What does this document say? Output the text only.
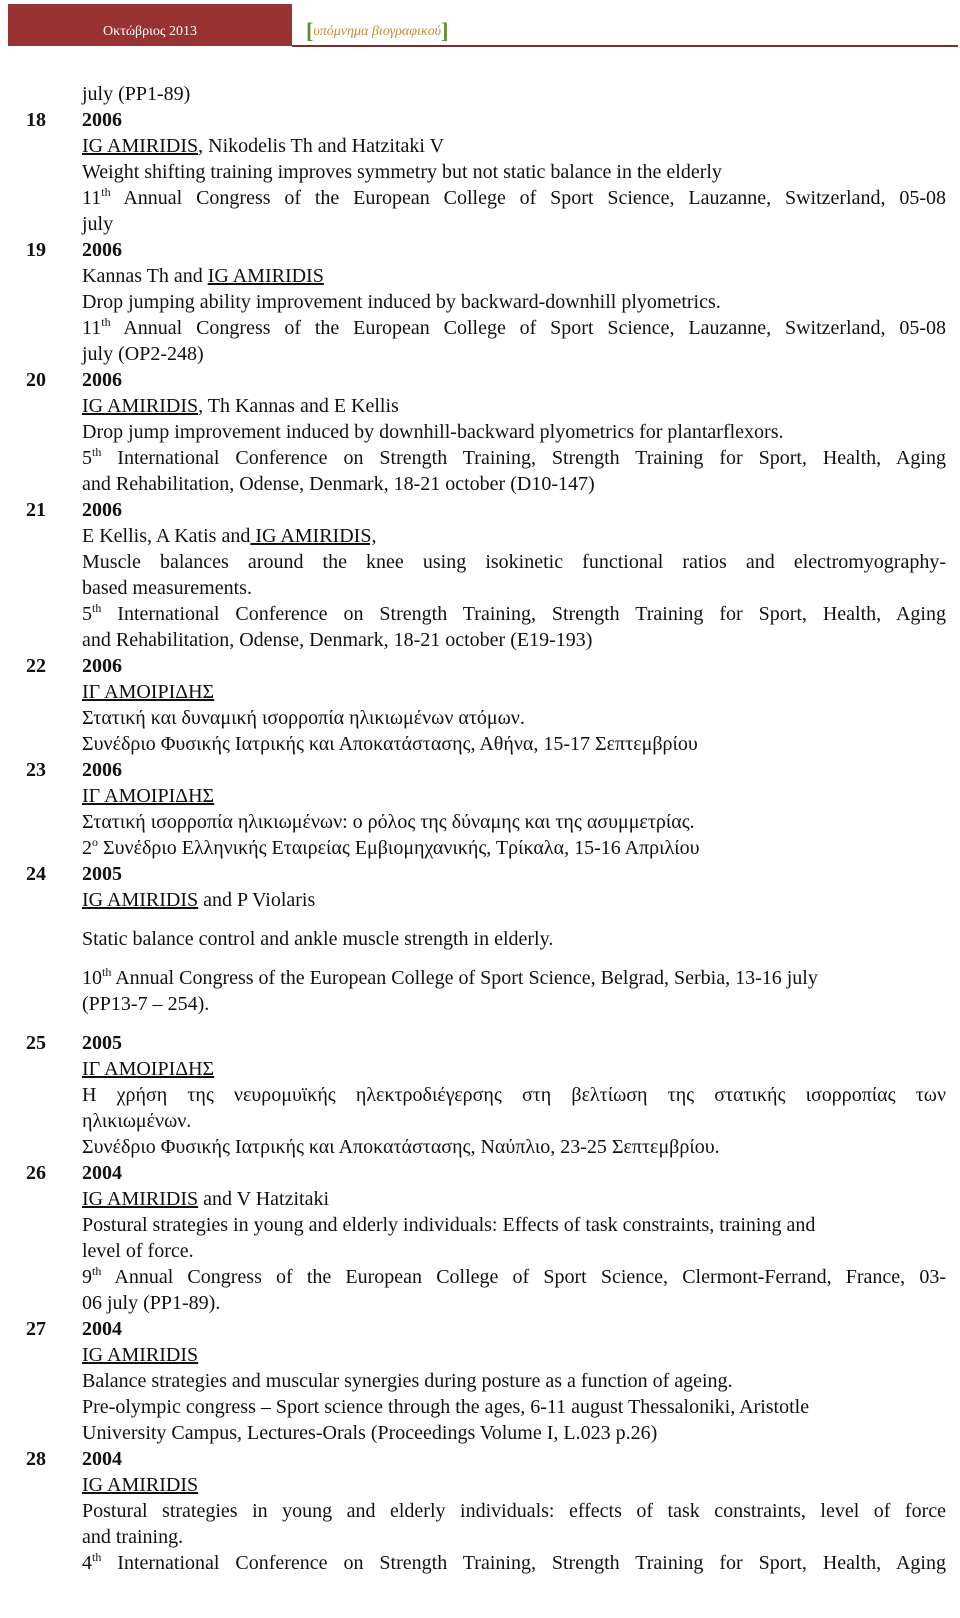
Οκτώβριος 2013	[υπόμνημα βιογραφικού]
july (PP1-89)
18	2006
IG AMIRIDIS, Nikodelis Th and Hatzitaki V
Weight shifting training improves symmetry but not static balance in the elderly
11th Annual Congress of the European College of Sport Science, Lauzanne, Switzerland, 05-08
july
19	2006
Kannas Th and IG AMIRIDIS
Drop jumping ability improvement induced by backward-downhill plyometrics.
11th Annual Congress of the European College of Sport Science, Lauzanne, Switzerland, 05-08
july (OP2-248)
20	2006
IG AMIRIDIS, Th Kannas and E Kellis
Drop jump improvement induced by downhill-backward plyometrics for plantarflexors.
5th International Conference on Strength Training, Strength Training for Sport, Health, Aging
and Rehabilitation, Odense, Denmark, 18-21 october (D10-147)
21	2006
E Kellis, A Katis and IG AMIRIDIS,
Muscle balances around the knee using isokinetic functional ratios and electromyography-
based measurements.
5th International Conference on Strength Training, Strength Training for Sport, Health, Aging
and Rehabilitation, Odense, Denmark, 18-21 october (E19-193)
22	2006
ΙΓ ΑΜΟΙΡΙΔΗΣ
Στατική και δυναμική ισορροπία ηλικιωμένων ατόμων.
Συνέδριο Φυσικής Ιατρικής και Αποκατάστασης, Αθήνα, 15-17 Σεπτεμβρίου
23	2006
ΙΓ ΑΜΟΙΡΙΔΗΣ
Στατική ισορροπία ηλικιωμένων: ο ρόλος της δύναμης και της ασυμμετρίας.
$2^o$ Συνέδριο Ελληνικής Εταιρείας Εμβιομηχανικής, Τρίκαλα, 15-16 Απριλίου
24	2005
IG AMIRIDIS and P Violaris
Static balance control and ankle muscle strength in elderly.
10th Annual Congress of the European College of Sport Science, Belgrad, Serbia, 13-16 july
(PP13-7 – 254).
25	2005
ΙΓ ΑΜΟΙΡΙΔΗΣ
Η χρήση της νευρομυϊκής ηλεκτροδιέγερσης στη βελτίωση της στατικής ισορροπίας των
ηλικιωμένων.
Συνέδριο Φυσικής Ιατρικής και Αποκατάστασης, Ναύπλιο, 23-25 Σεπτεμβρίου.
26	2004
IG AMIRIDIS and V Hatzitaki
Postural strategies in young and elderly individuals: Effects of task constraints, training and
level of force.
9th Annual Congress of the European College of Sport Science, Clermont-Ferrand, France, 03-
06 july (PP1-89).
27	2004
IG AMIRIDIS
Balance strategies and muscular synergies during posture as a function of ageing.
Pre-olympic congress – Sport science through the ages, 6-11 august Thessaloniki, Aristotle
University Campus, Lectures-Orals (Proceedings Volume I, L.023 p.26)
28	2004
IG AMIRIDIS
Postural strategies in young and elderly individuals: effects of task constraints, level of force
and training.
4th International Conference on Strength Training, Strength Training for Sport, Health, Aging
